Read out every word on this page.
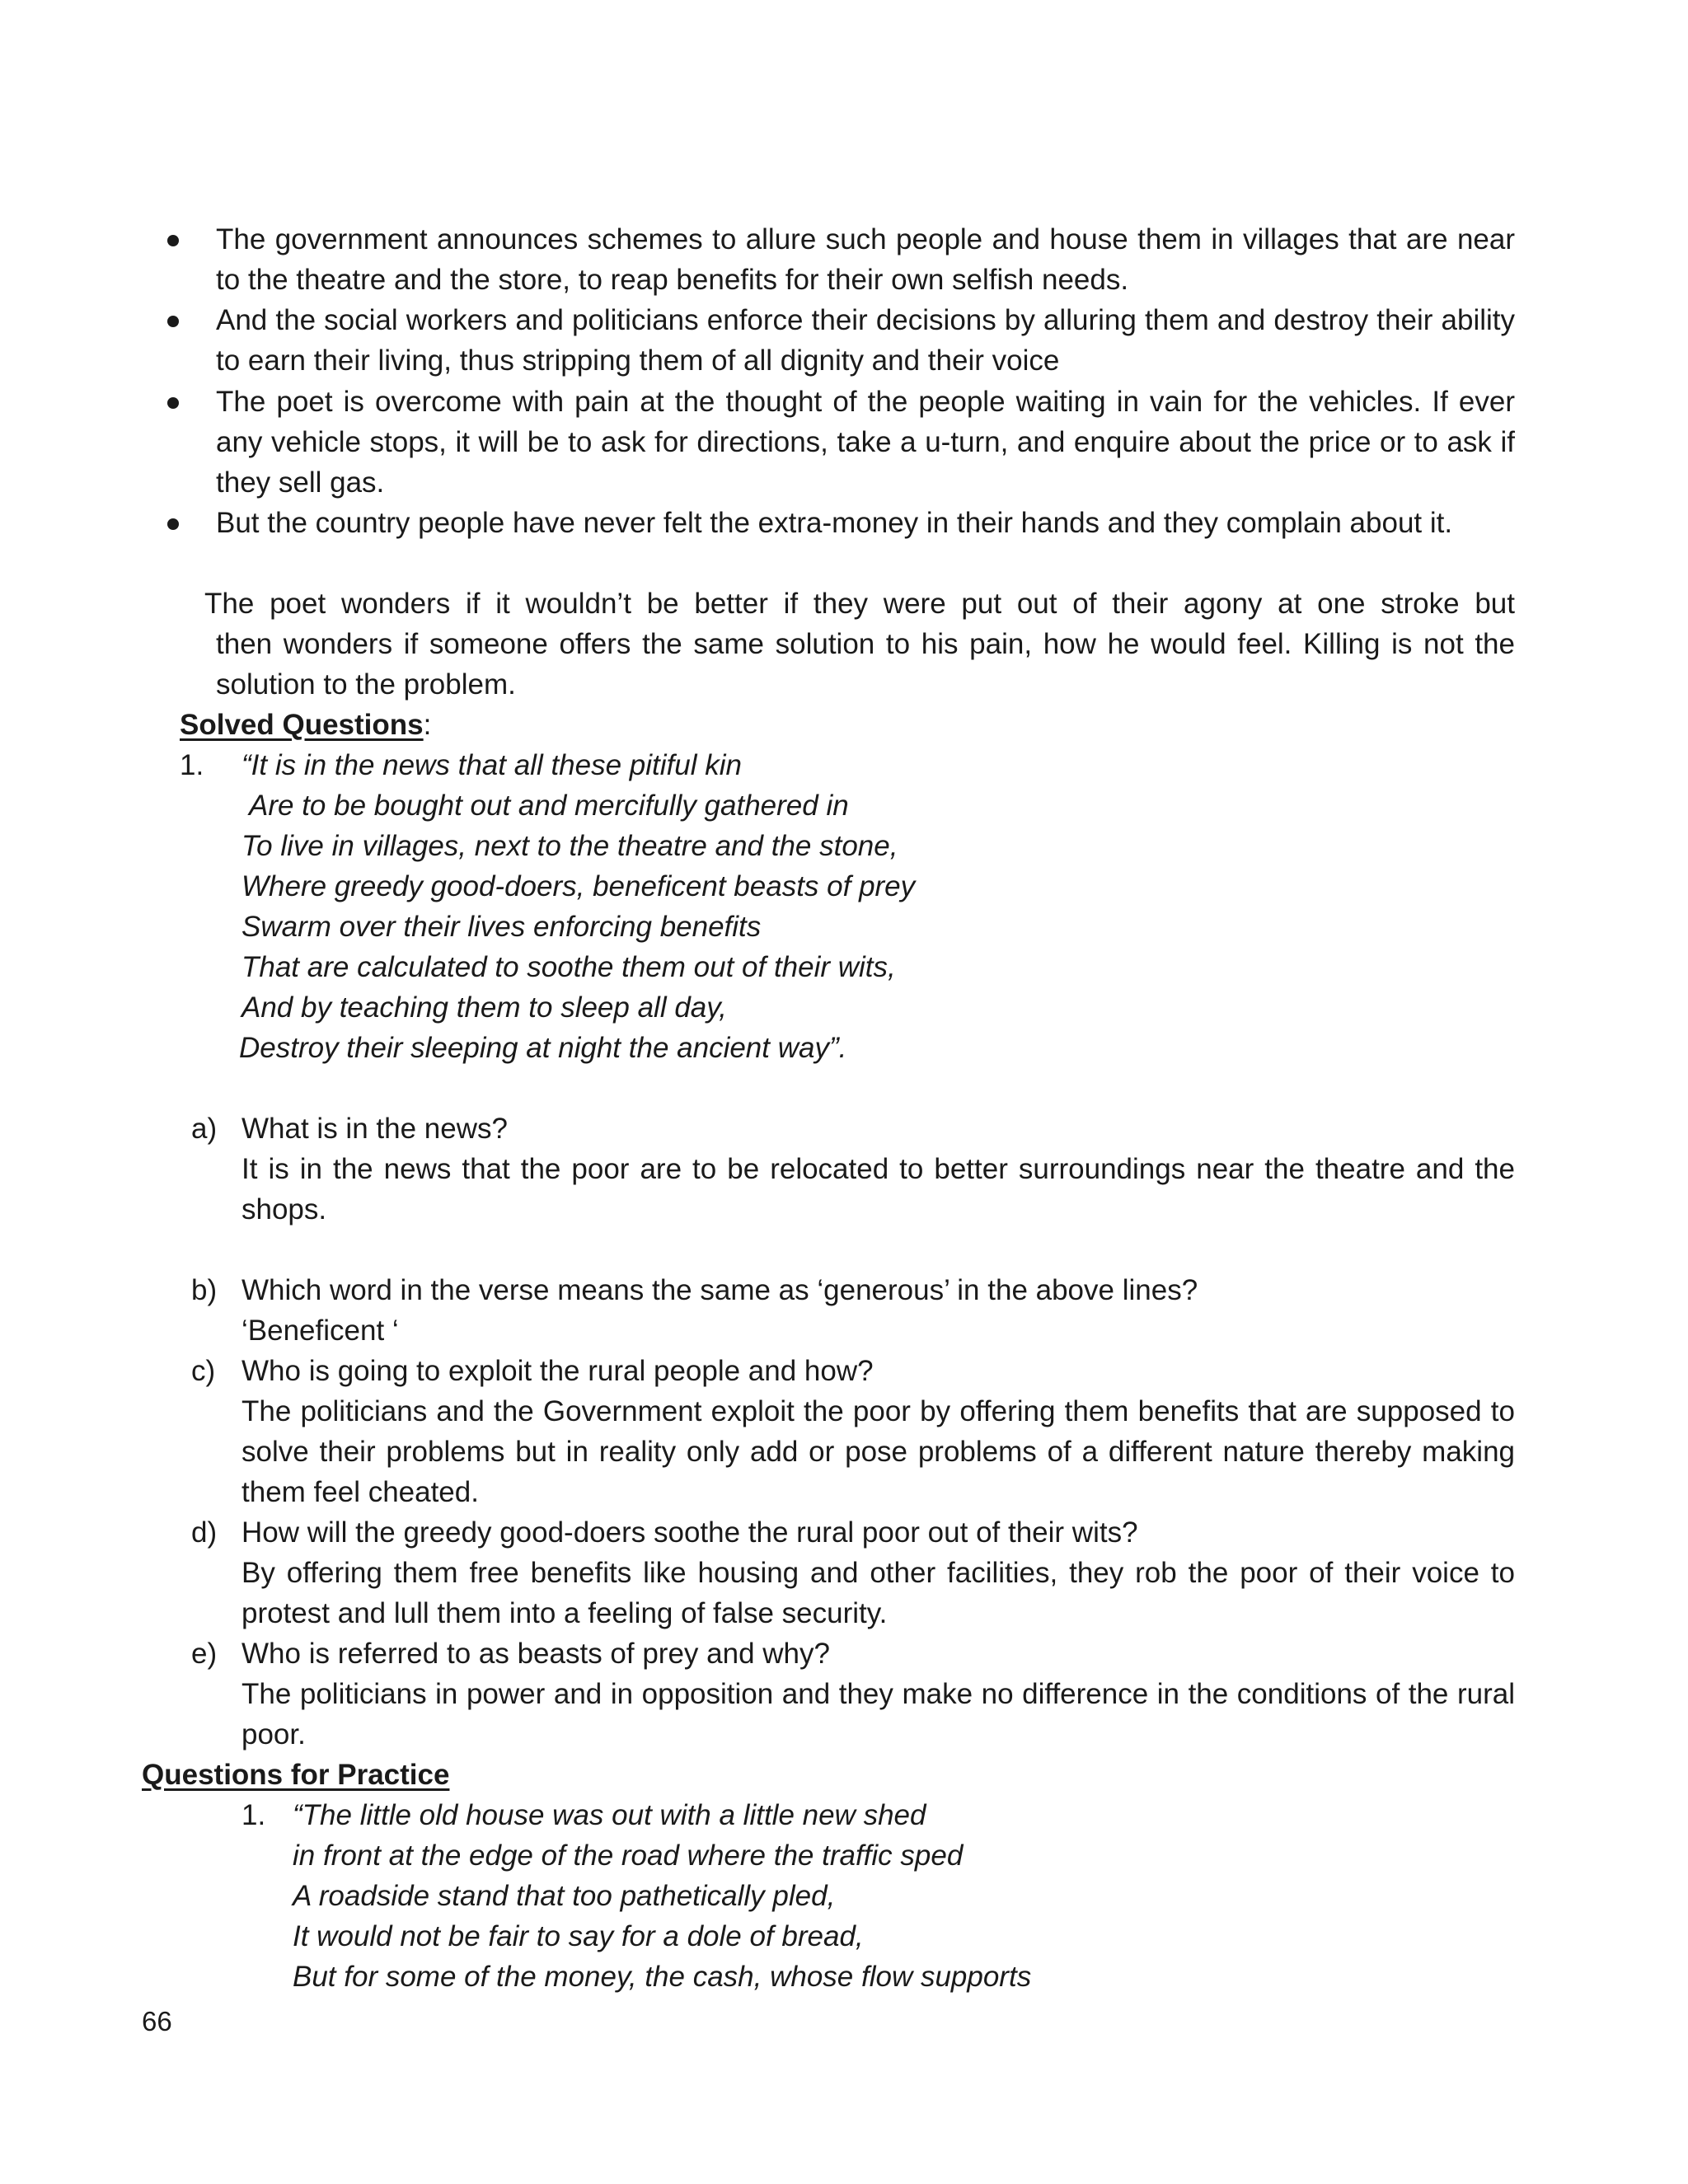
The government announces schemes to allure such people and house them in villages that are near to the theatre and the store, to reap benefits for their own selfish needs.
And the social workers and politicians enforce their decisions by alluring them and destroy their ability to earn their living, thus stripping them of all dignity and their voice
The poet is overcome with pain at the thought of the people waiting in vain for the vehicles. If ever any vehicle stops, it will be to ask for directions, take a u-turn, and enquire about the price or to ask if they sell gas.
But the country people have never felt the extra-money in their hands and they complain about it.
The poet wonders if it wouldn’t be better if they were put out of their agony at one stroke but
then wonders if someone offers the same solution to his pain, how he would feel. Killing is not the solution to the problem.
Solved Questions:
1. “It is in the news that all these pitiful kin
Are to be bought out and mercifully gathered in
To live in villages, next to the theatre and the stone,
Where greedy good-doers, beneficent beasts of prey
Swarm over their lives enforcing benefits
That are calculated to soothe them out of their wits,
And by teaching them to sleep all day,
Destroy their sleeping at night the ancient way”.
a) What is in the news?
It is in the news that the poor are to be relocated to better surroundings near the theatre and the shops.
b) Which word in the verse means the same as ‘generous’ in the above lines?
‘Beneficent ‘
c) Who is going to exploit the rural people and how?
The politicians and the Government exploit the poor by offering them benefits that are supposed to solve their problems but in reality only add or pose problems of a different nature thereby making them feel cheated.
d) How will the greedy good-doers soothe the rural poor out of their wits?
By offering them free benefits like housing and other facilities, they rob the poor of their voice to protest and lull them into a feeling of false security.
e) Who is referred to as beasts of prey and why?
The politicians in power and in opposition and they make no difference in the conditions of the rural poor.
Questions for Practice
1. “The little old house was out with a little new shed
in front at the edge of the road where the traffic sped
A roadside stand that too pathetically pled,
It would not be fair to say for a dole of bread,
But for some of the money, the cash, whose flow supports
66
